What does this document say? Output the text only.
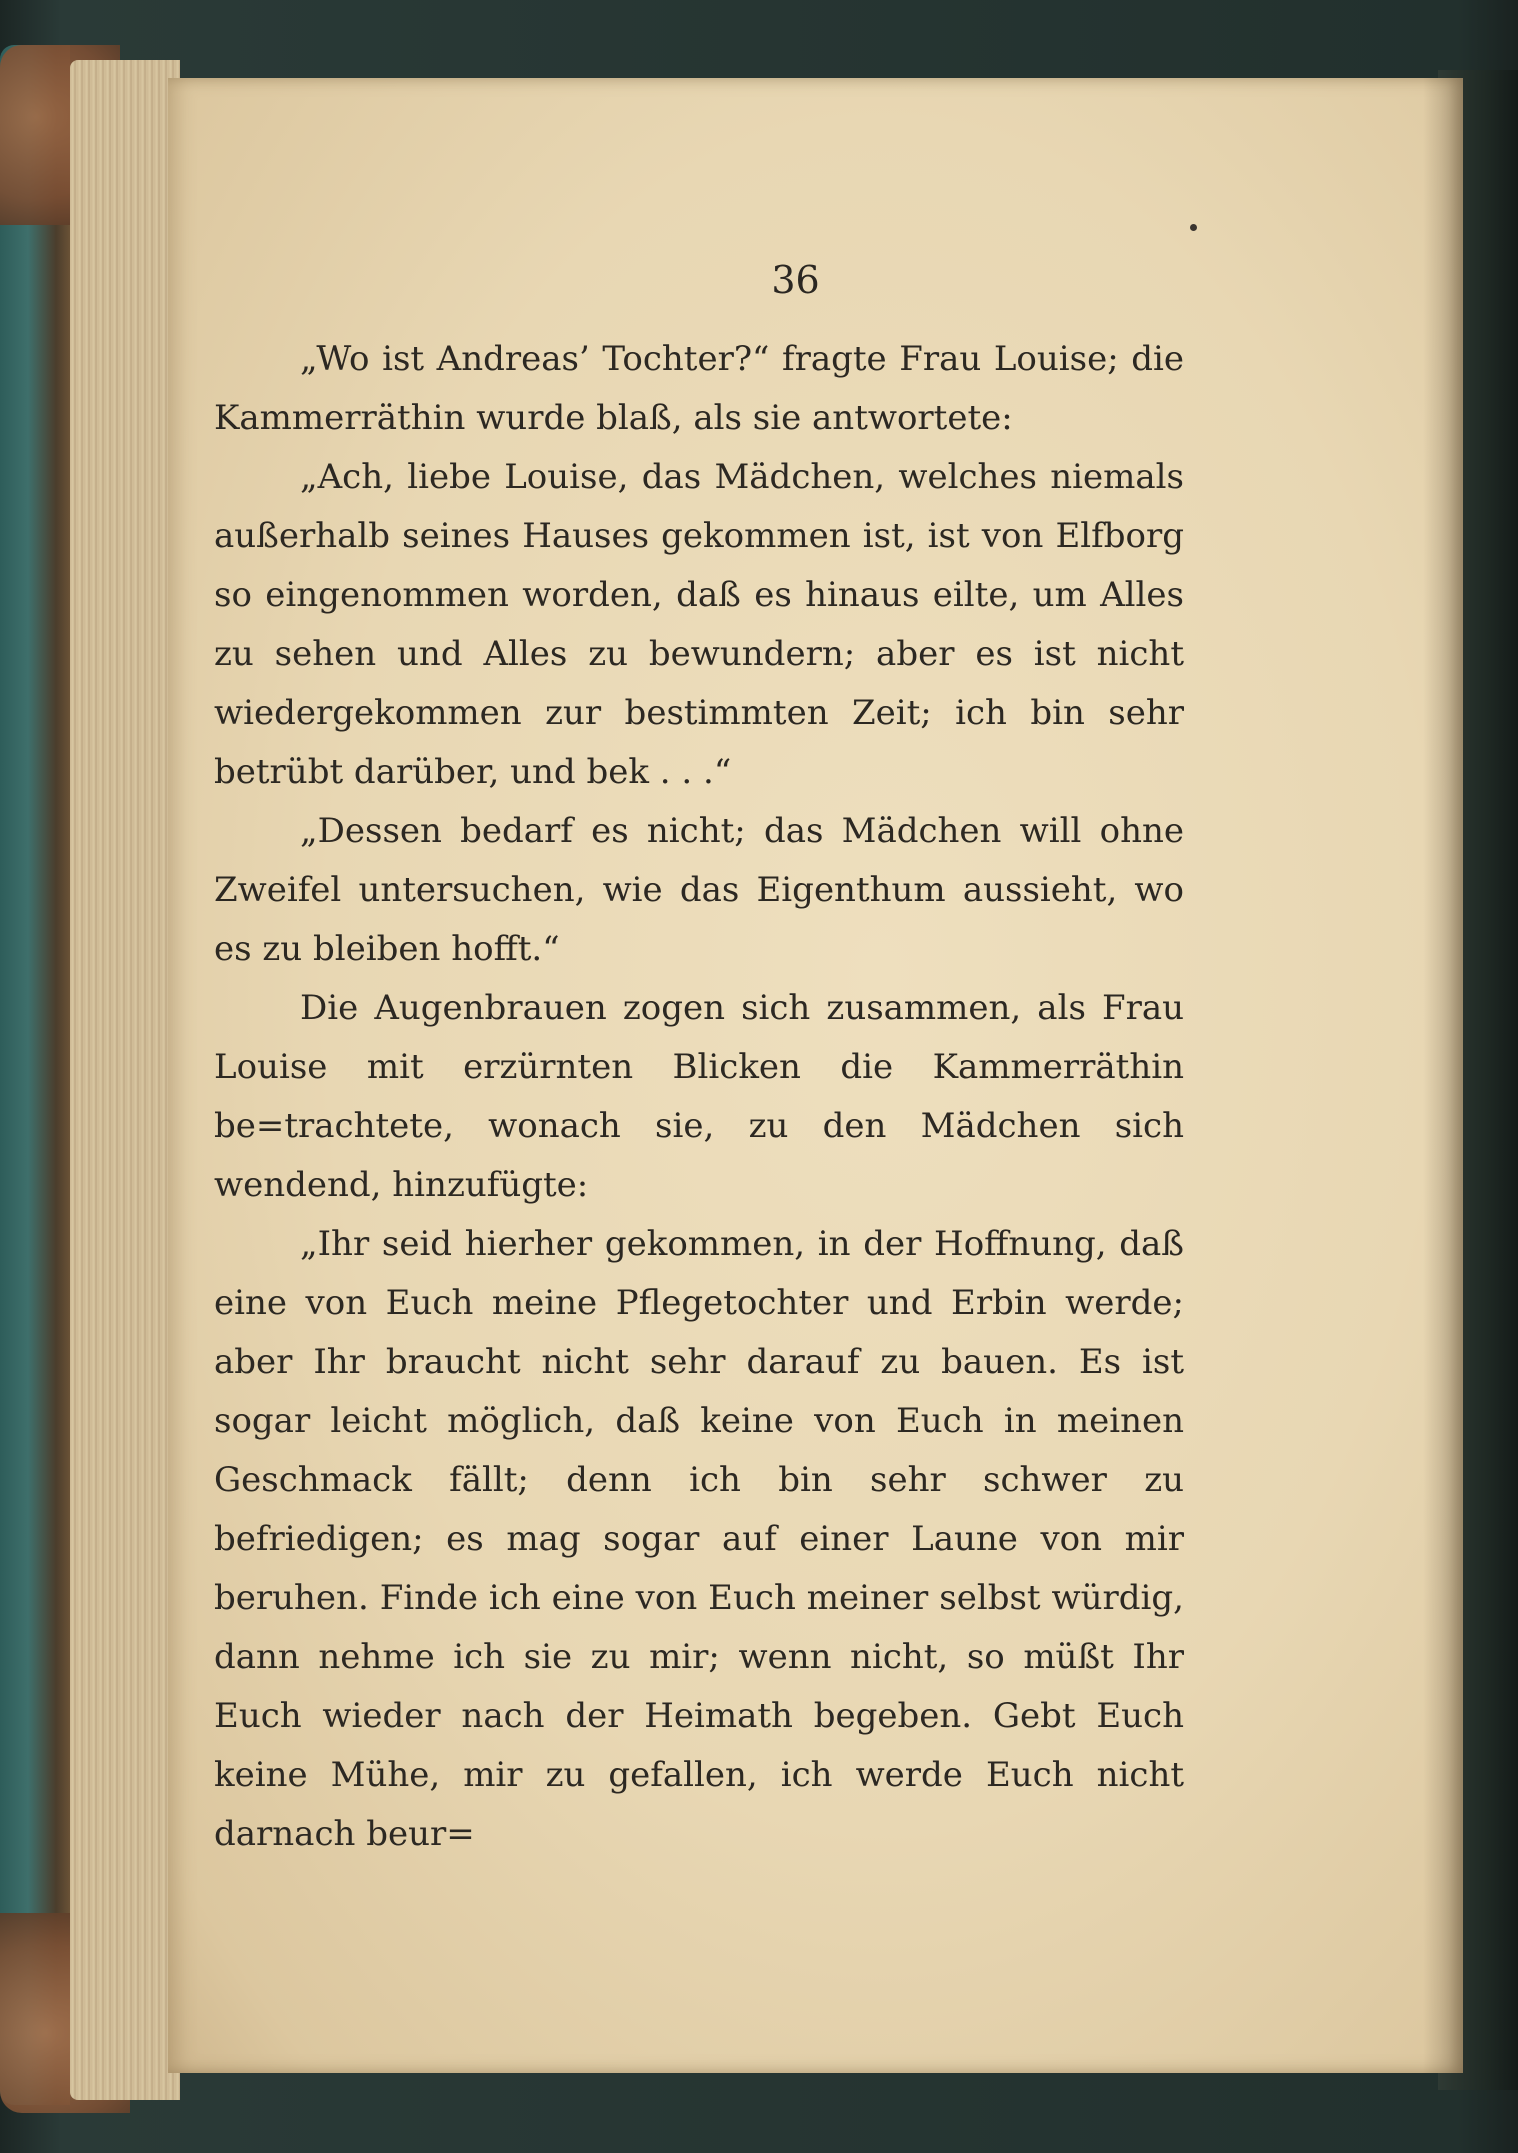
36

„Wo ist Andreas’ Tochter?“ fragte Frau Louise; die Kammerräthin wurde blaß, als sie antwortete:

„Ach, liebe Louise, das Mädchen, welches niemals außerhalb seines Hauses gekommen ist, ist von Elfborg so eingenommen worden, daß es hinaus eilte, um Alles zu sehen und Alles zu bewundern; aber es ist nicht wiedergekommen zur bestimmten Zeit; ich bin sehr betrübt darüber, und bek . . .“

„Dessen bedarf es nicht; das Mädchen will ohne Zweifel untersuchen, wie das Eigenthum aussieht, wo es zu bleiben hofft.“

Die Augenbrauen zogen sich zusammen, als Frau Louise mit erzürnten Blicken die Kammerräthin be=trachtete, wonach sie, zu den Mädchen sich wendend, hinzufügte:

„Ihr seid hierher gekommen, in der Hoffnung, daß eine von Euch meine Pflegetochter und Erbin werde; aber Ihr braucht nicht sehr darauf zu bauen. Es ist sogar leicht möglich, daß keine von Euch in meinen Geschmack fällt; denn ich bin sehr schwer zu befriedigen; es mag sogar auf einer Laune von mir beruhen. Finde ich eine von Euch meiner selbst würdig, dann nehme ich sie zu mir; wenn nicht, so müßt Ihr Euch wieder nach der Heimath begeben. Gebt Euch keine Mühe, mir zu gefallen, ich werde Euch nicht darnach beur=
